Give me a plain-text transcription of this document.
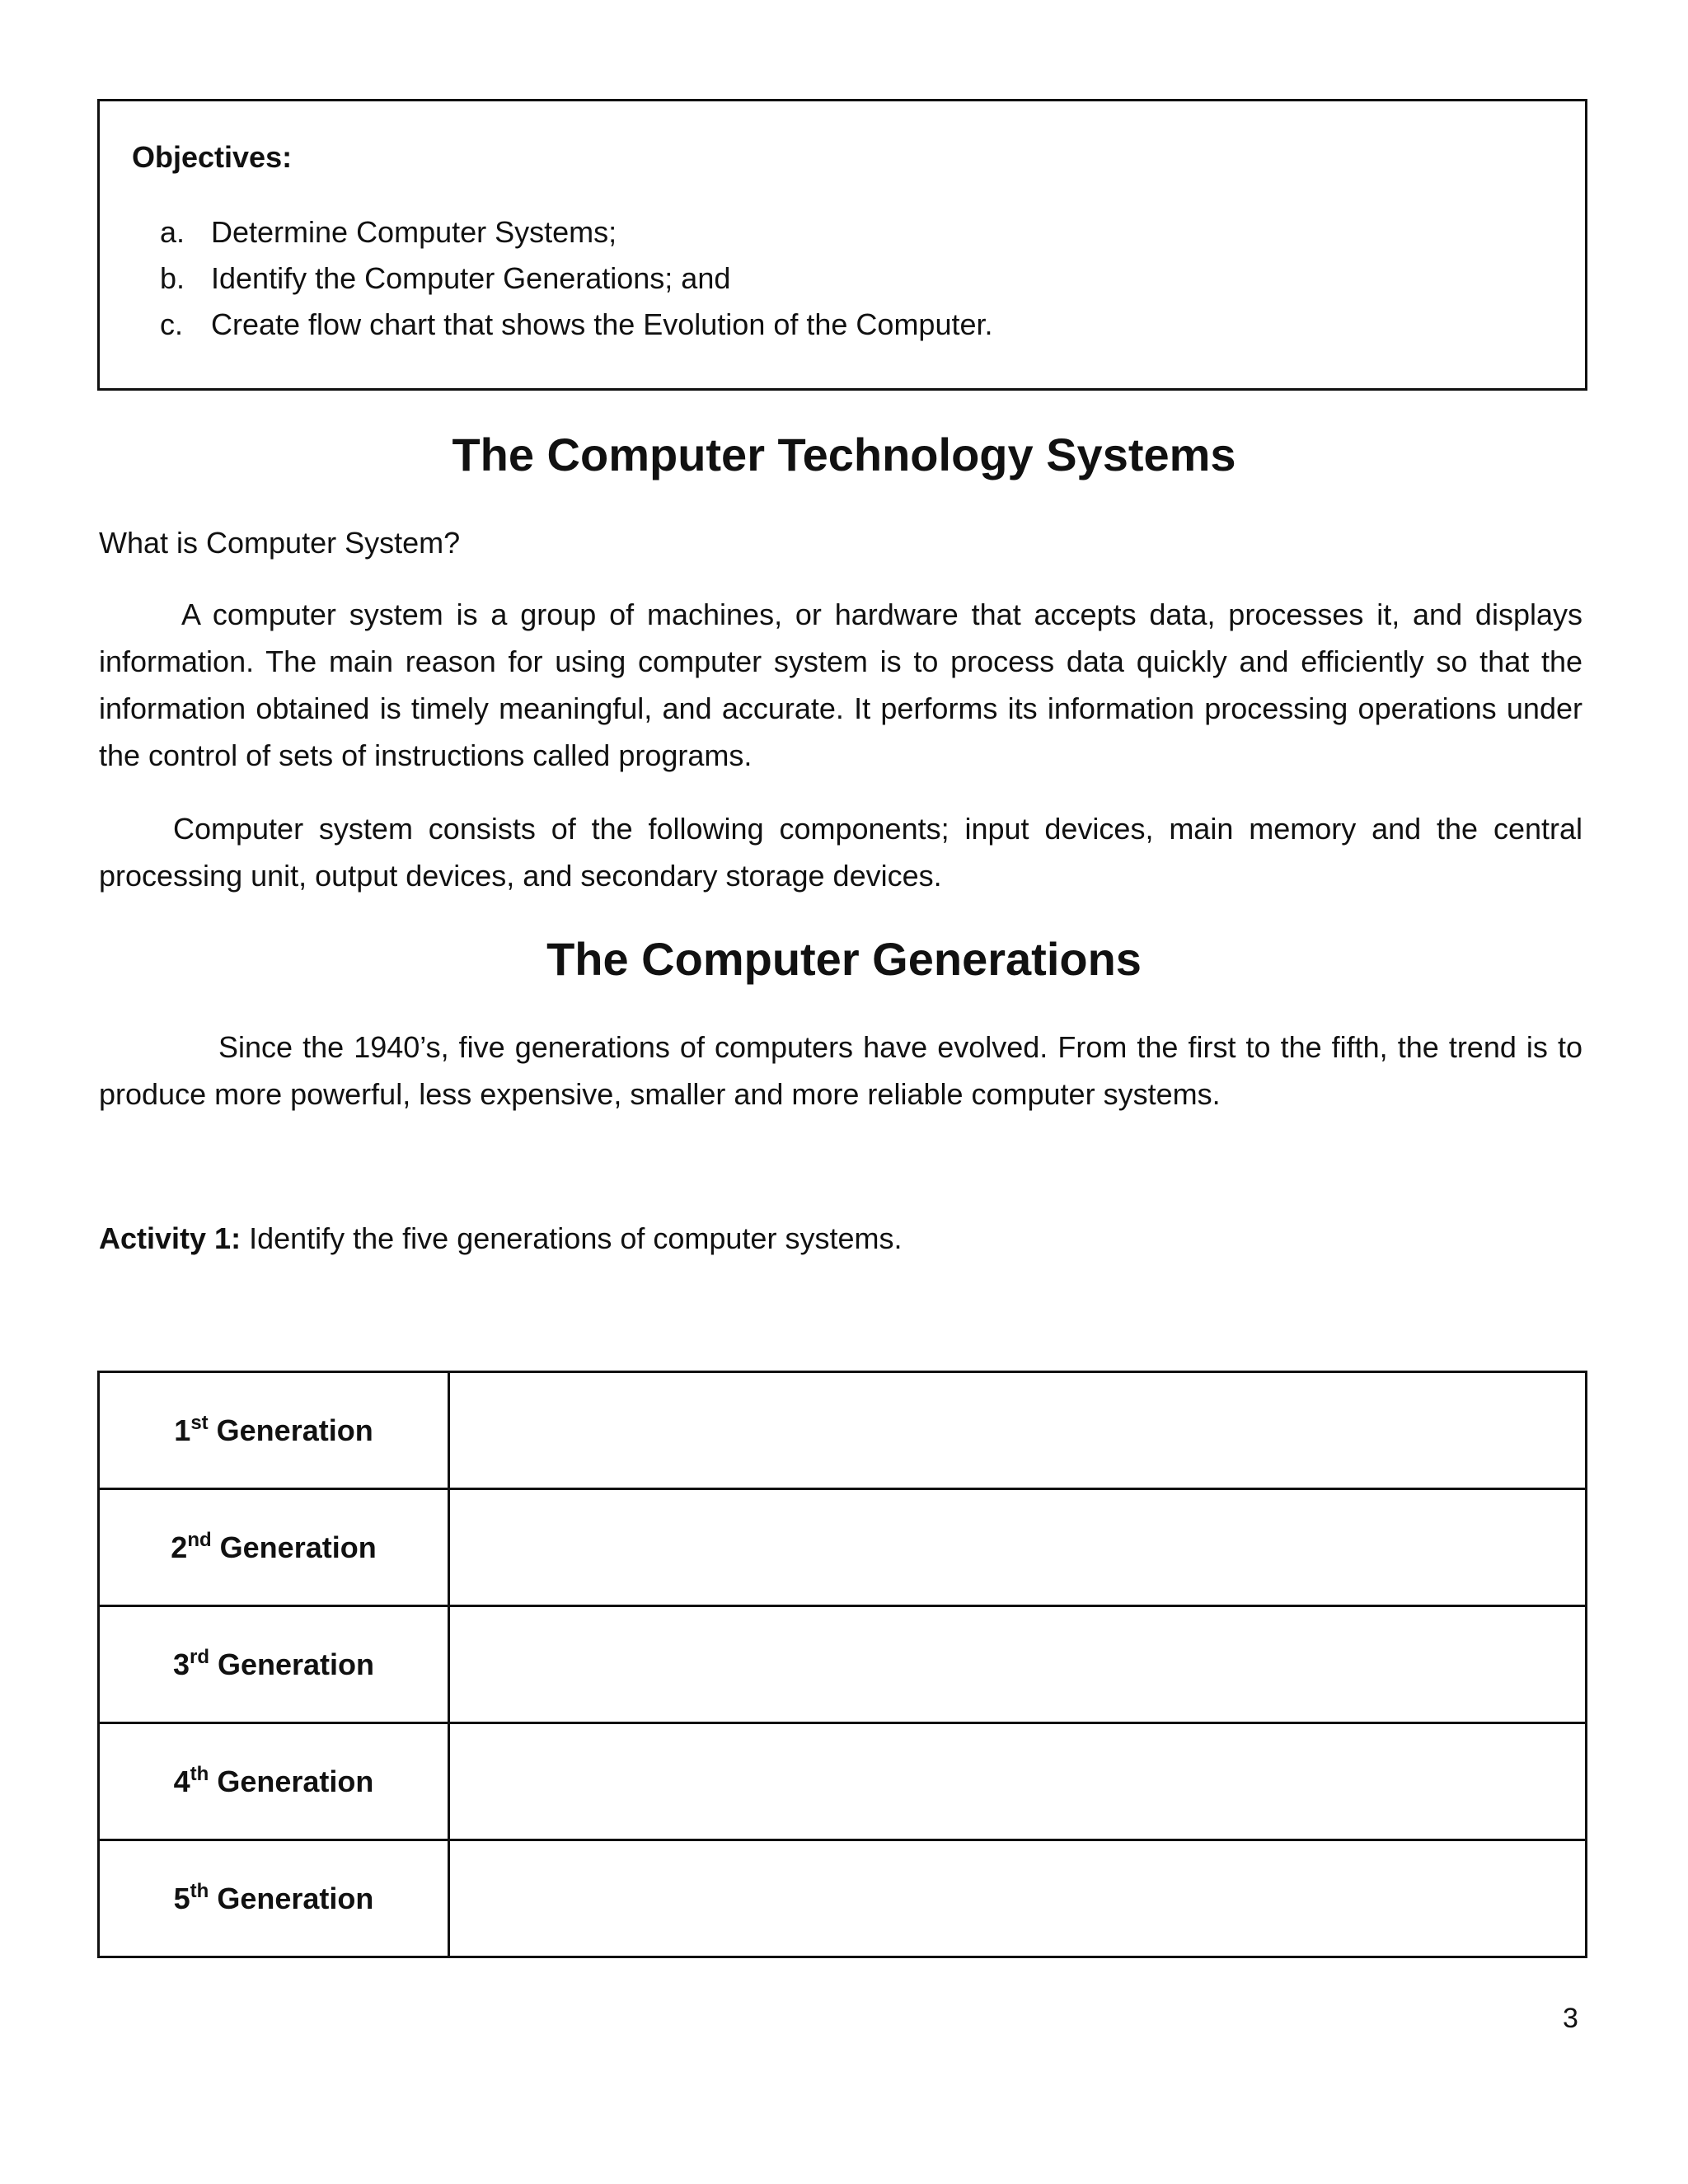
Objectives:
a. Determine Computer Systems;
b. Identify the Computer Generations; and
c. Create flow chart that shows the Evolution of the Computer.
The Computer Technology Systems
What is Computer System?
A computer system is a group of machines, or hardware that accepts data, processes it, and displays information. The main reason for using computer system is to process data quickly and efficiently so that the information obtained is timely meaningful, and accurate. It performs its information processing operations under the control of sets of instructions called programs.
Computer system consists of the following components; input devices, main memory and the central processing unit, output devices, and secondary storage devices.
The Computer Generations
Since the 1940’s, five generations of computers have evolved. From the first to the fifth, the trend is to produce more powerful, less expensive, smaller and more reliable computer systems.
Activity 1: Identify the five generations of computer systems.
1st Generation	
2nd Generation	
3rd Generation	
4th Generation	
5th Generation	
3
